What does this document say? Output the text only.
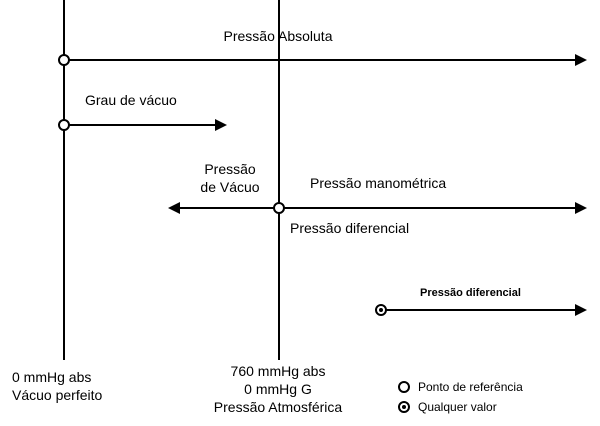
Pressão Absoluta
Grau de vácuo
Pressão
de Vácuo	Pressão manométrica
Pressão diferencial
Pressão diferencial
0 mmHg abs
Vácuo perfeito
760 mmHg abs
0 mmHg G
Pressão Atmosférica
Ponto de referência
Qualquer valor
